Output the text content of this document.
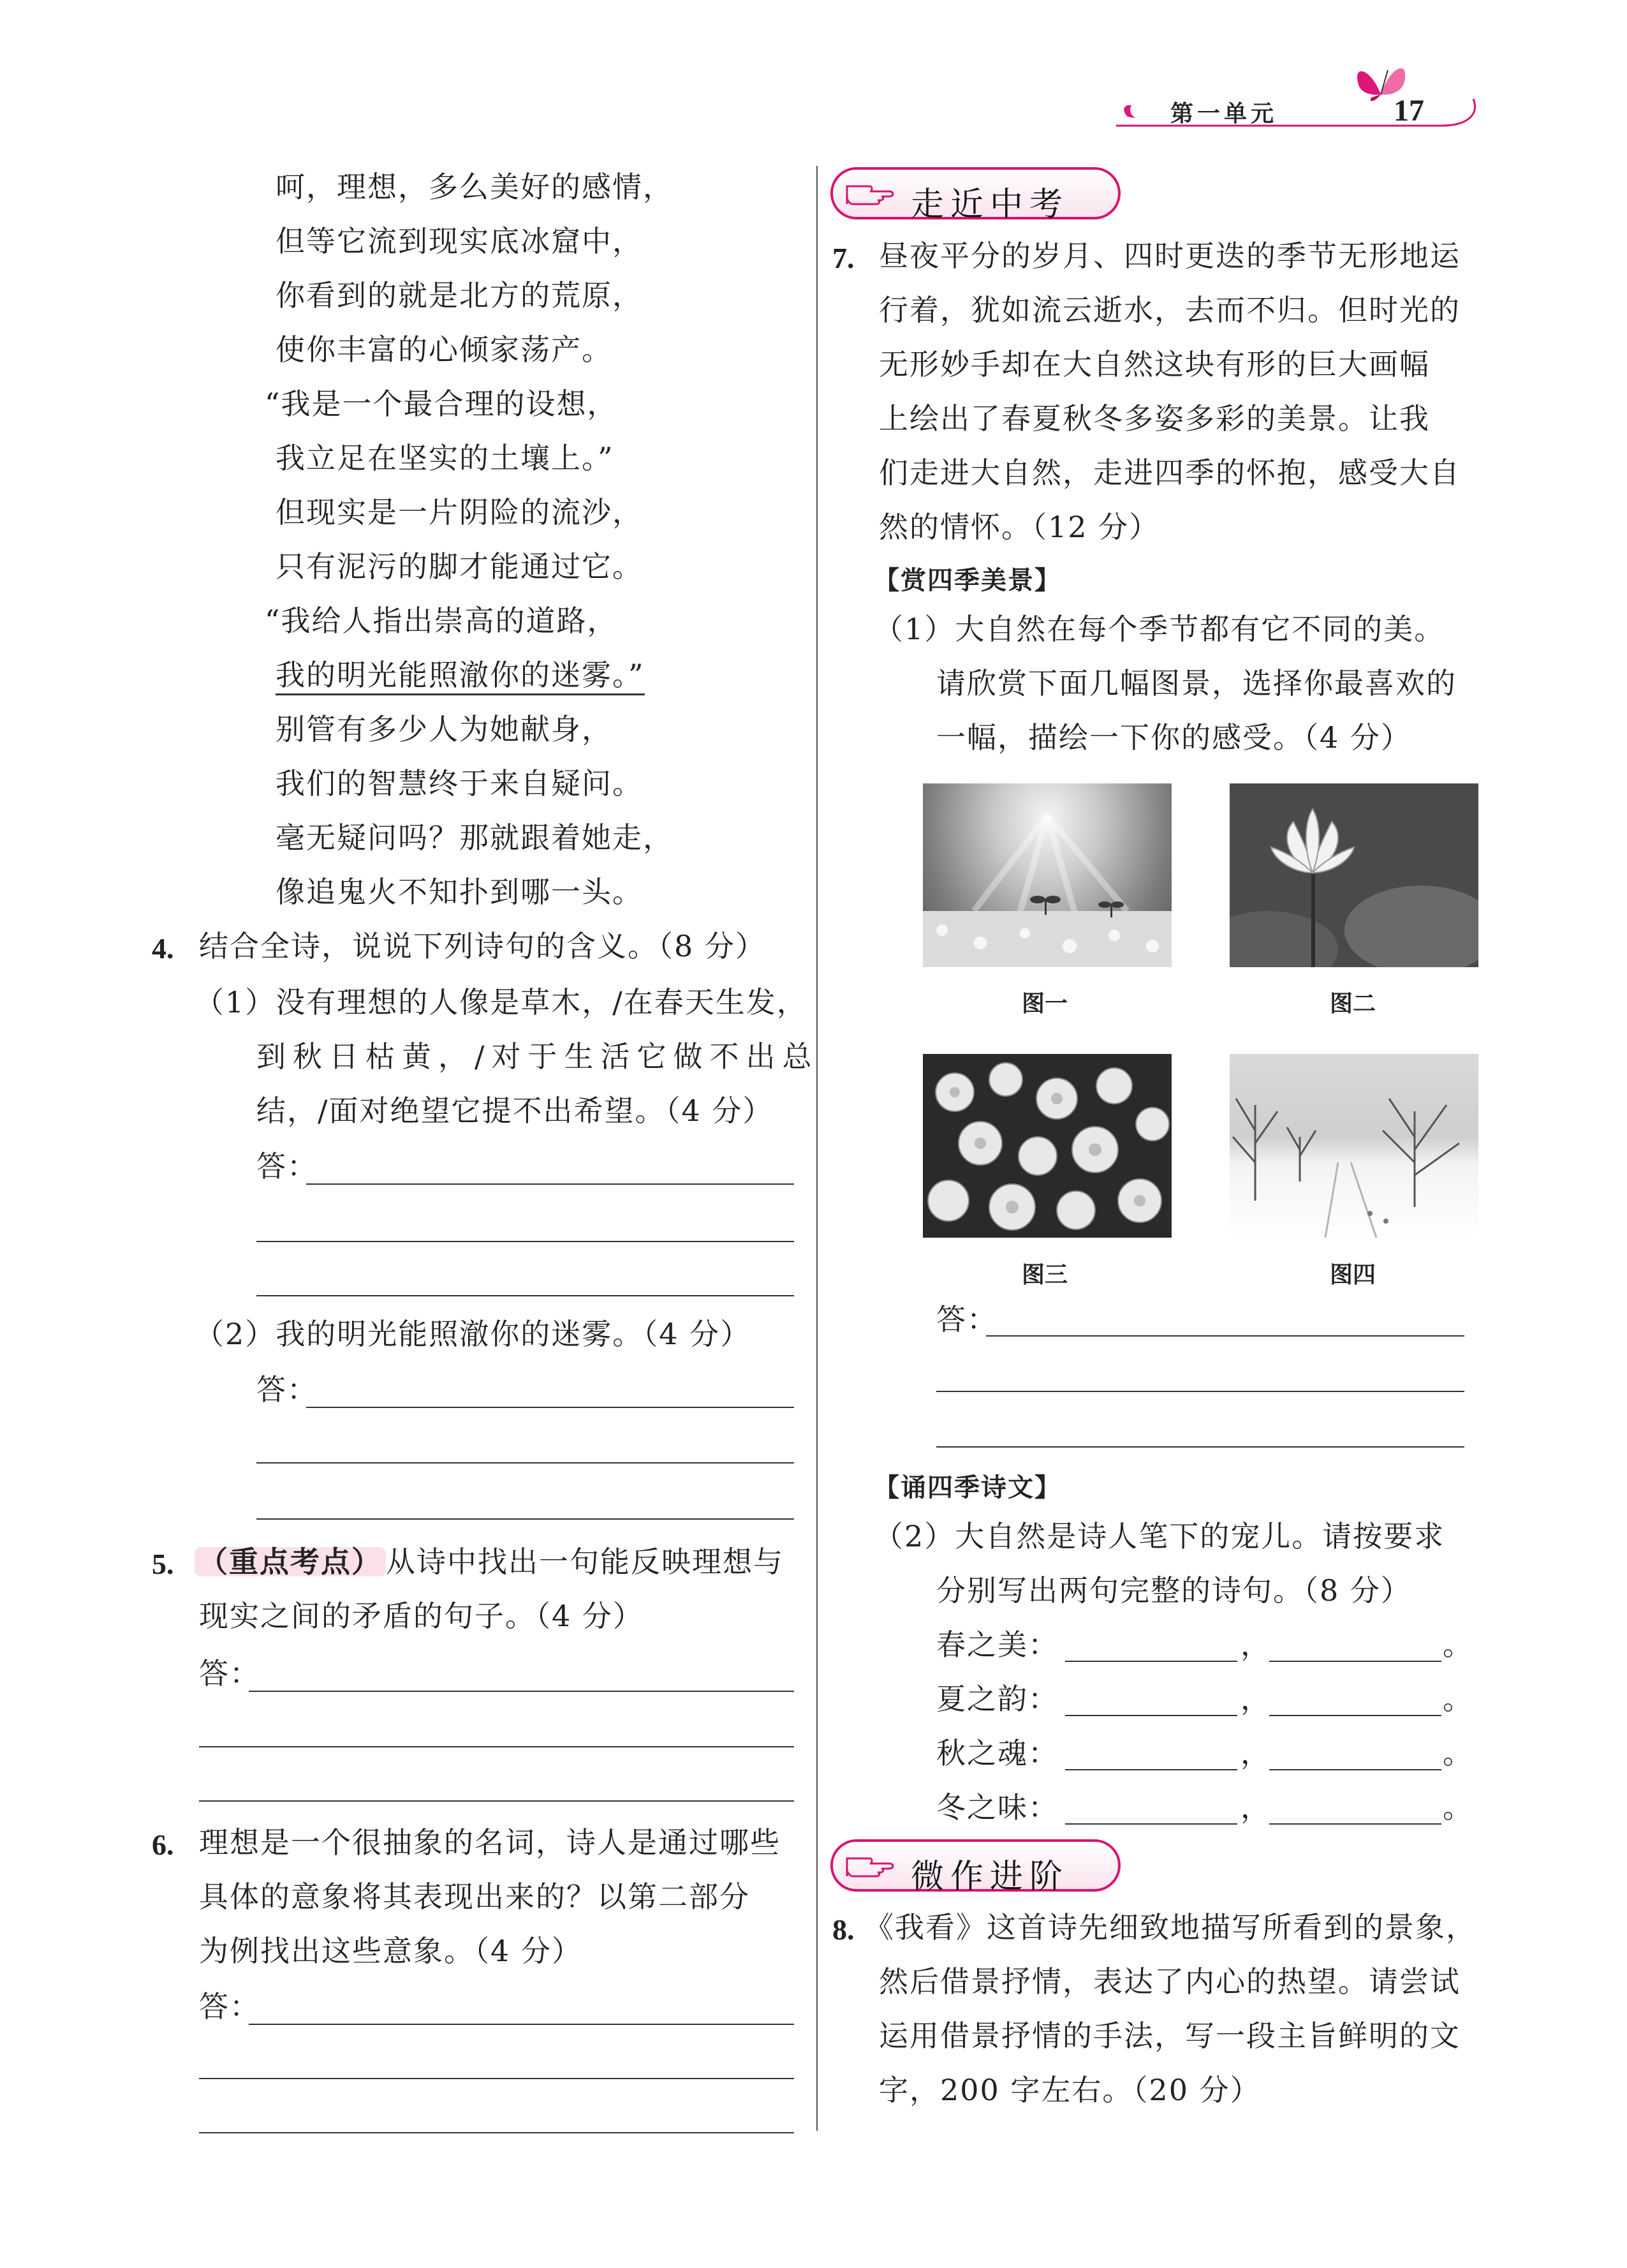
第一单元	17
呵，理想，多么美好的感情，
但等它流到现实底冰窟中，
你看到的就是北方的荒原，
使你丰富的心倾家荡产。
“我是一个最合理的设想，
我立足在坚实的土壤上。”
但现实是一片阴险的流沙，
只有泥污的脚才能通过它。
“我给人指出崇高的道路，
我的明光能照澈你的迷雾。”
别管有多少人为她献身，
我们的智慧终于来自疑问。
毫无疑问吗？那就跟着她走，
像追鬼火不知扑到哪一头。
4. 结合全诗，说说下列诗句的含义。（8 分）
（1）没有理想的人像是草木，/在春天生发，
到秋日枯黄，/对于生活它做不出总
结，/面对绝望它提不出希望。（4 分）
答：
（2）我的明光能照澈你的迷雾。（4 分）
答：
5. （重点考点） 从诗中找出一句能反映理想与
现实之间的矛盾的句子。（4 分）
答：
6. 理想是一个很抽象的名词，诗人是通过哪些
具体的意象将其表现出来的？以第二部分
为例找出这些意象。（4 分）
答：
走近中考
7. 昼夜平分的岁月、四时更迭的季节无形地运
行着，犹如流云逝水，去而不归。但时光的
无形妙手却在大自然这块有形的巨大画幅
上绘出了春夏秋冬多姿多彩的美景。让我
们走进大自然，走进四季的怀抱，感受大自
然的情怀。（12 分）
【赏四季美景】
（1）大自然在每个季节都有它不同的美。
请欣赏下面几幅图景，选择你最喜欢的
一幅，描绘一下你的感受。（4 分）
图一	图二
图三	图四
答：
【诵四季诗文】
（2）大自然是诗人笔下的宠儿。请按要求
分别写出两句完整的诗句。（8 分）
春之美：	，	。
夏之韵：	，	。
秋之魂：	，	。
冬之味：	，	。
微作进阶
8. 《我看》这首诗先细致地描写所看到的景象，
然后借景抒情，表达了内心的热望。请尝试
运用借景抒情的手法，写一段主旨鲜明的文
字，200 字左右。（20 分）
